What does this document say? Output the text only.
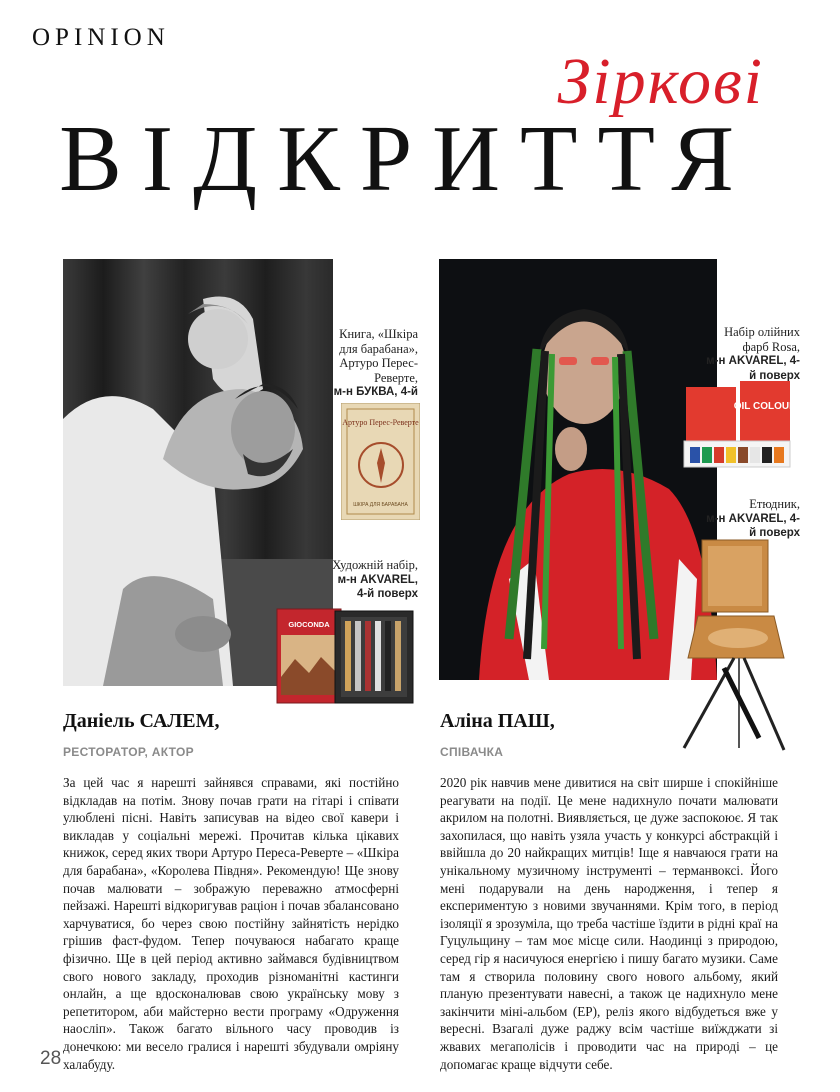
OPINION
Зіркові
ВІДКРИТТЯ
Книга, «Шкіра для барабана», Артуро Перес-Реверте,
м-н БУКВА, 4-й
Артуро Перес-Реверте
ШКІРА ДЛЯ БАРАБАНА
Художній набір,
м-н AKVAREL, 4-й поверх
GIOCONDA
Набір олійних фарб Rosa,
м-н AKVAREL, 4-й поверх
OIL COLOUR
Етюдник,
м-н AKVAREL, 4-й поверх
Даніель САЛЕМ,
РЕСТОРАТОР, АКТОР
Аліна ПАШ,
СПІВАЧКА
За цей час я нарешті зайнявся справами, які постійно відкладав на потім. Знову почав грати на гітарі і співати улюблені пісні. Навіть записував на відео свої кавери і викладав у соціальні мережі. Прочитав кілька цікавих книжок, серед яких твори Артуро Переса-Реверте – «Шкіра для барабана», «Королева Півдня». Рекомендую! Ще знову почав малювати – зображую переважно атмосферні пейзажі. Нарешті відкоригував раціон і почав збалансовано харчуватися, бо через свою постійну зайнятість нерідко грішив фаст-фудом. Тепер почуваюся набагато краще фізично. Ще в цей період активно займався будівництвом свого нового закладу, проходив різноманітні кастинги онлайн, а ще вдосконалював свою українську мову з репетитором, аби майстерно вести програму «Одруження наосліп». Також багато вільного часу проводив із донечкою: ми весело гралися і нарешті збудували омріяну халабуду.
2020 рік навчив мене дивитися на світ ширше і спокійніше реагувати на події. Це мене надихнуло почати малювати акрилом на полотні. Виявляється, це дуже заспокоює. Я так захопилася, що навіть узяла участь у конкурсі абстракцій і ввійшла до 20 найкращих митців! Іще я навчаюся грати на унікальному музичному інструменті – терманвоксі. Його мені подарували на день народження, і тепер я експериментую з новими звучаннями. Крім того, в період ізоляції я зрозуміла, що треба частіше їздити в рідні краї на Гуцульщину – там моє місце сили. Наодинці з природою, серед гір я насичуюся енергією і пишу багато музики. Саме там я створила половину свого нового альбому, який планую презентувати навесні, а також це надихнуло мене закінчити міні-альбом (ЕР), реліз якого відбудеться вже у вересні. Взагалі дуже раджу всім частіше виїжджати зі жвавих мегаполісів і проводити час на природі – це допомагає краще відчути себе.
28
